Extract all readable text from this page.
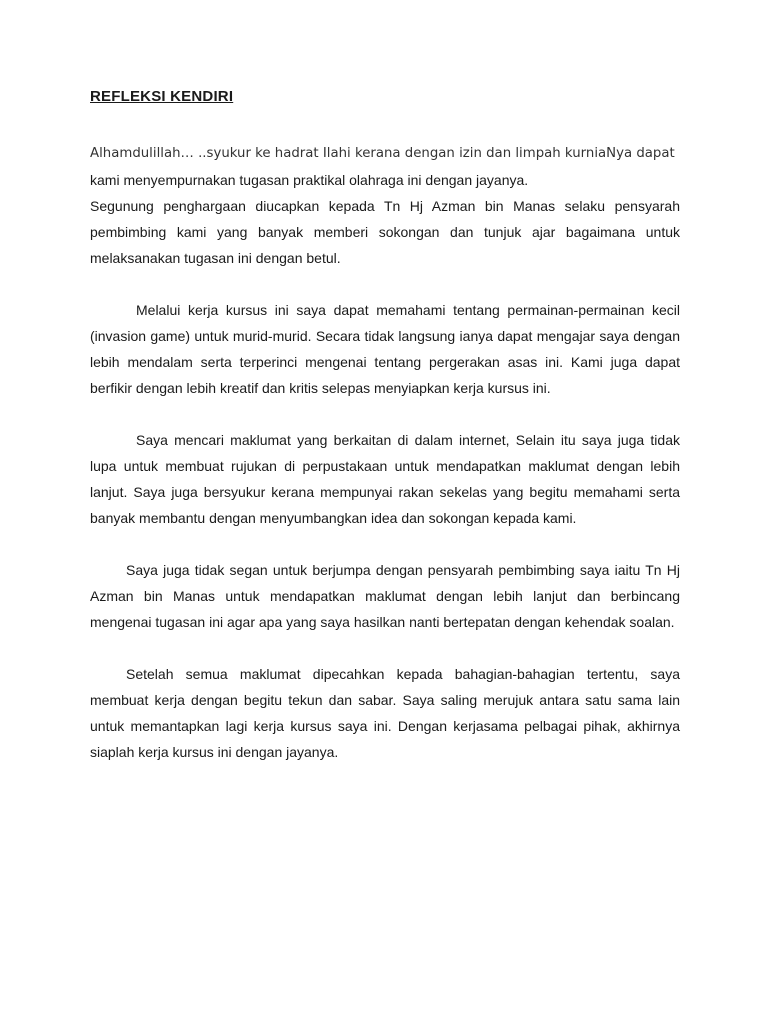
REFLEKSI KENDIRI

Alhamdulillah… ..syukur ke hadrat Ilahi kerana dengan izin dan limpah kurniaNya dapat
kami menyempurnakan tugasan praktikal olahraga ini dengan jayanya.
Segunung penghargaan diucapkan kepada Tn Hj Azman bin Manas selaku pensyarah pembimbing kami yang banyak memberi sokongan dan tunjuk ajar bagaimana untuk melaksanakan tugasan ini dengan betul.

Melalui kerja kursus ini saya dapat memahami tentang permainan-permainan kecil (invasion game) untuk murid-murid. Secara tidak langsung ianya dapat mengajar saya dengan lebih mendalam serta terperinci mengenai tentang pergerakan asas ini. Kami juga dapat berfikir dengan lebih kreatif dan kritis selepas menyiapkan kerja kursus ini.

Saya mencari maklumat yang berkaitan di dalam internet, Selain itu saya juga tidak lupa untuk membuat rujukan di perpustakaan untuk mendapatkan maklumat dengan lebih lanjut. Saya juga bersyukur kerana mempunyai rakan sekelas yang begitu memahami serta banyak membantu dengan menyumbangkan idea dan sokongan kepada kami.

Saya juga tidak segan untuk berjumpa dengan pensyarah pembimbing saya iaitu Tn Hj Azman bin Manas untuk mendapatkan maklumat dengan lebih lanjut dan berbincang mengenai tugasan ini agar apa yang saya hasilkan nanti bertepatan dengan kehendak soalan.

Setelah semua maklumat dipecahkan kepada bahagian-bahagian tertentu, saya membuat kerja dengan begitu tekun dan sabar. Saya saling merujuk antara satu sama lain untuk memantapkan lagi kerja kursus saya ini. Dengan kerjasama pelbagai pihak, akhirnya siaplah kerja kursus ini dengan jayanya.
